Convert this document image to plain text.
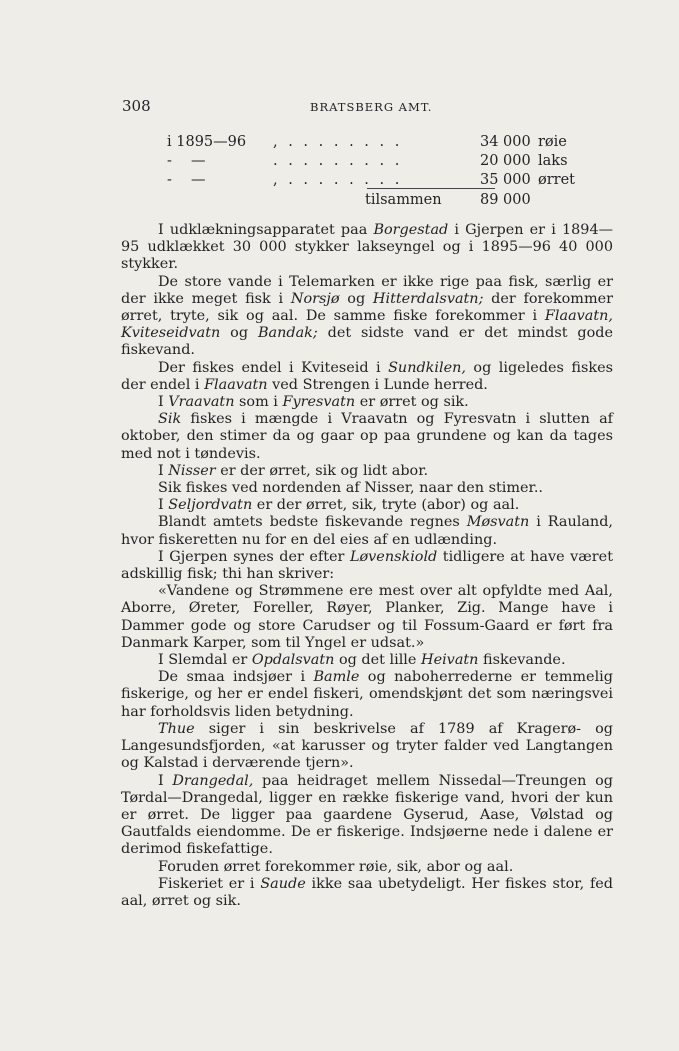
308	BRATSBERG AMT.
i 1895—96 , . . . . . . . .	34 000 røie
-  —	. . . . . . . . .	20 000 laks
-  —	, . . . . . . . .	35 000 ørret
tilsammen	89 000

I udklækningsapparatet paa Borgestad i Gjerpen er i 1894—95 udklækket 30 000 stykker lakseyngel og i 1895—96 40 000 stykker.

De store vande i Telemarken er ikke rige paa fisk, særlig er der ikke meget fisk i Norsjø og Hitterdalsvatn; der forekommer ørret, tryte, sik og aal. De samme fiske forekommer i Flaavatn, Kviteseidvatn og Bandak; det sidste vand er det mindst gode fiskevand.

Der fiskes endel i Kviteseid i Sundkilen, og ligeledes fiskes der endel i Flaavatn ved Strengen i Lunde herred.

I Vraavatn som i Fyresvatn er ørret og sik.

Sik fiskes i mængde i Vraavatn og Fyresvatn i slutten af oktober, den stimer da og gaar op paa grundene og kan da tages med not i tøndevis.

I Nisser er der ørret, sik og lidt abor.

Sik fiskes ved nordenden af Nisser, naar den stimer..

I Seljordvatn er der ørret, sik, tryte (abor) og aal.

Blandt amtets bedste fiskevande regnes Møsvatn i Rauland, hvor fiskeretten nu for en del eies af en udlænding.

I Gjerpen synes der efter Løvenskiold tidligere at have været adskillig fisk; thi han skriver:

«Vandene og Strømmene ere mest over alt opfyldte med Aal, Aborre, Ørеter, Foreller, Røyer, Planker, Zig. Mange have i Dammer gode og store Carudser og til Fossum-Gaard er ført fra Danmark Karper, som til Yngel er udsat.»

I Slemdal er Opdalsvatn og det lille Heivatn fiskevande.

De smaa indsjøer i Bamle og naboherrederne er temmelig fiskerige, og her er endel fiskeri, omendskjønt det som næringsvei har forholdsvis liden betydning.

Thue siger i sin beskrivelse af 1789 af Kragerø- og Langesundsfjorden, «at karusser og tryter falder ved Langtangen og Kalstad i derværende tjern».

I Drangedal, paa heidraget mellem Nissedal—Treungen og Tørdal—Drangedal, ligger en række fiskerige vand, hvori der kun er ørret. De ligger paa gaardene Gyserud, Aase, Vølstad og Gautfalds eiendomme. De er fiskerige. Indsjøerne nede i dalene er derimod fiskefattige.

Foruden ørret forekommer røie, sik, abor og aal.

Fiskeriet er i Saude ikke saa ubetydeligt. Her fiskes stor, fed aal, ørret og sik.
